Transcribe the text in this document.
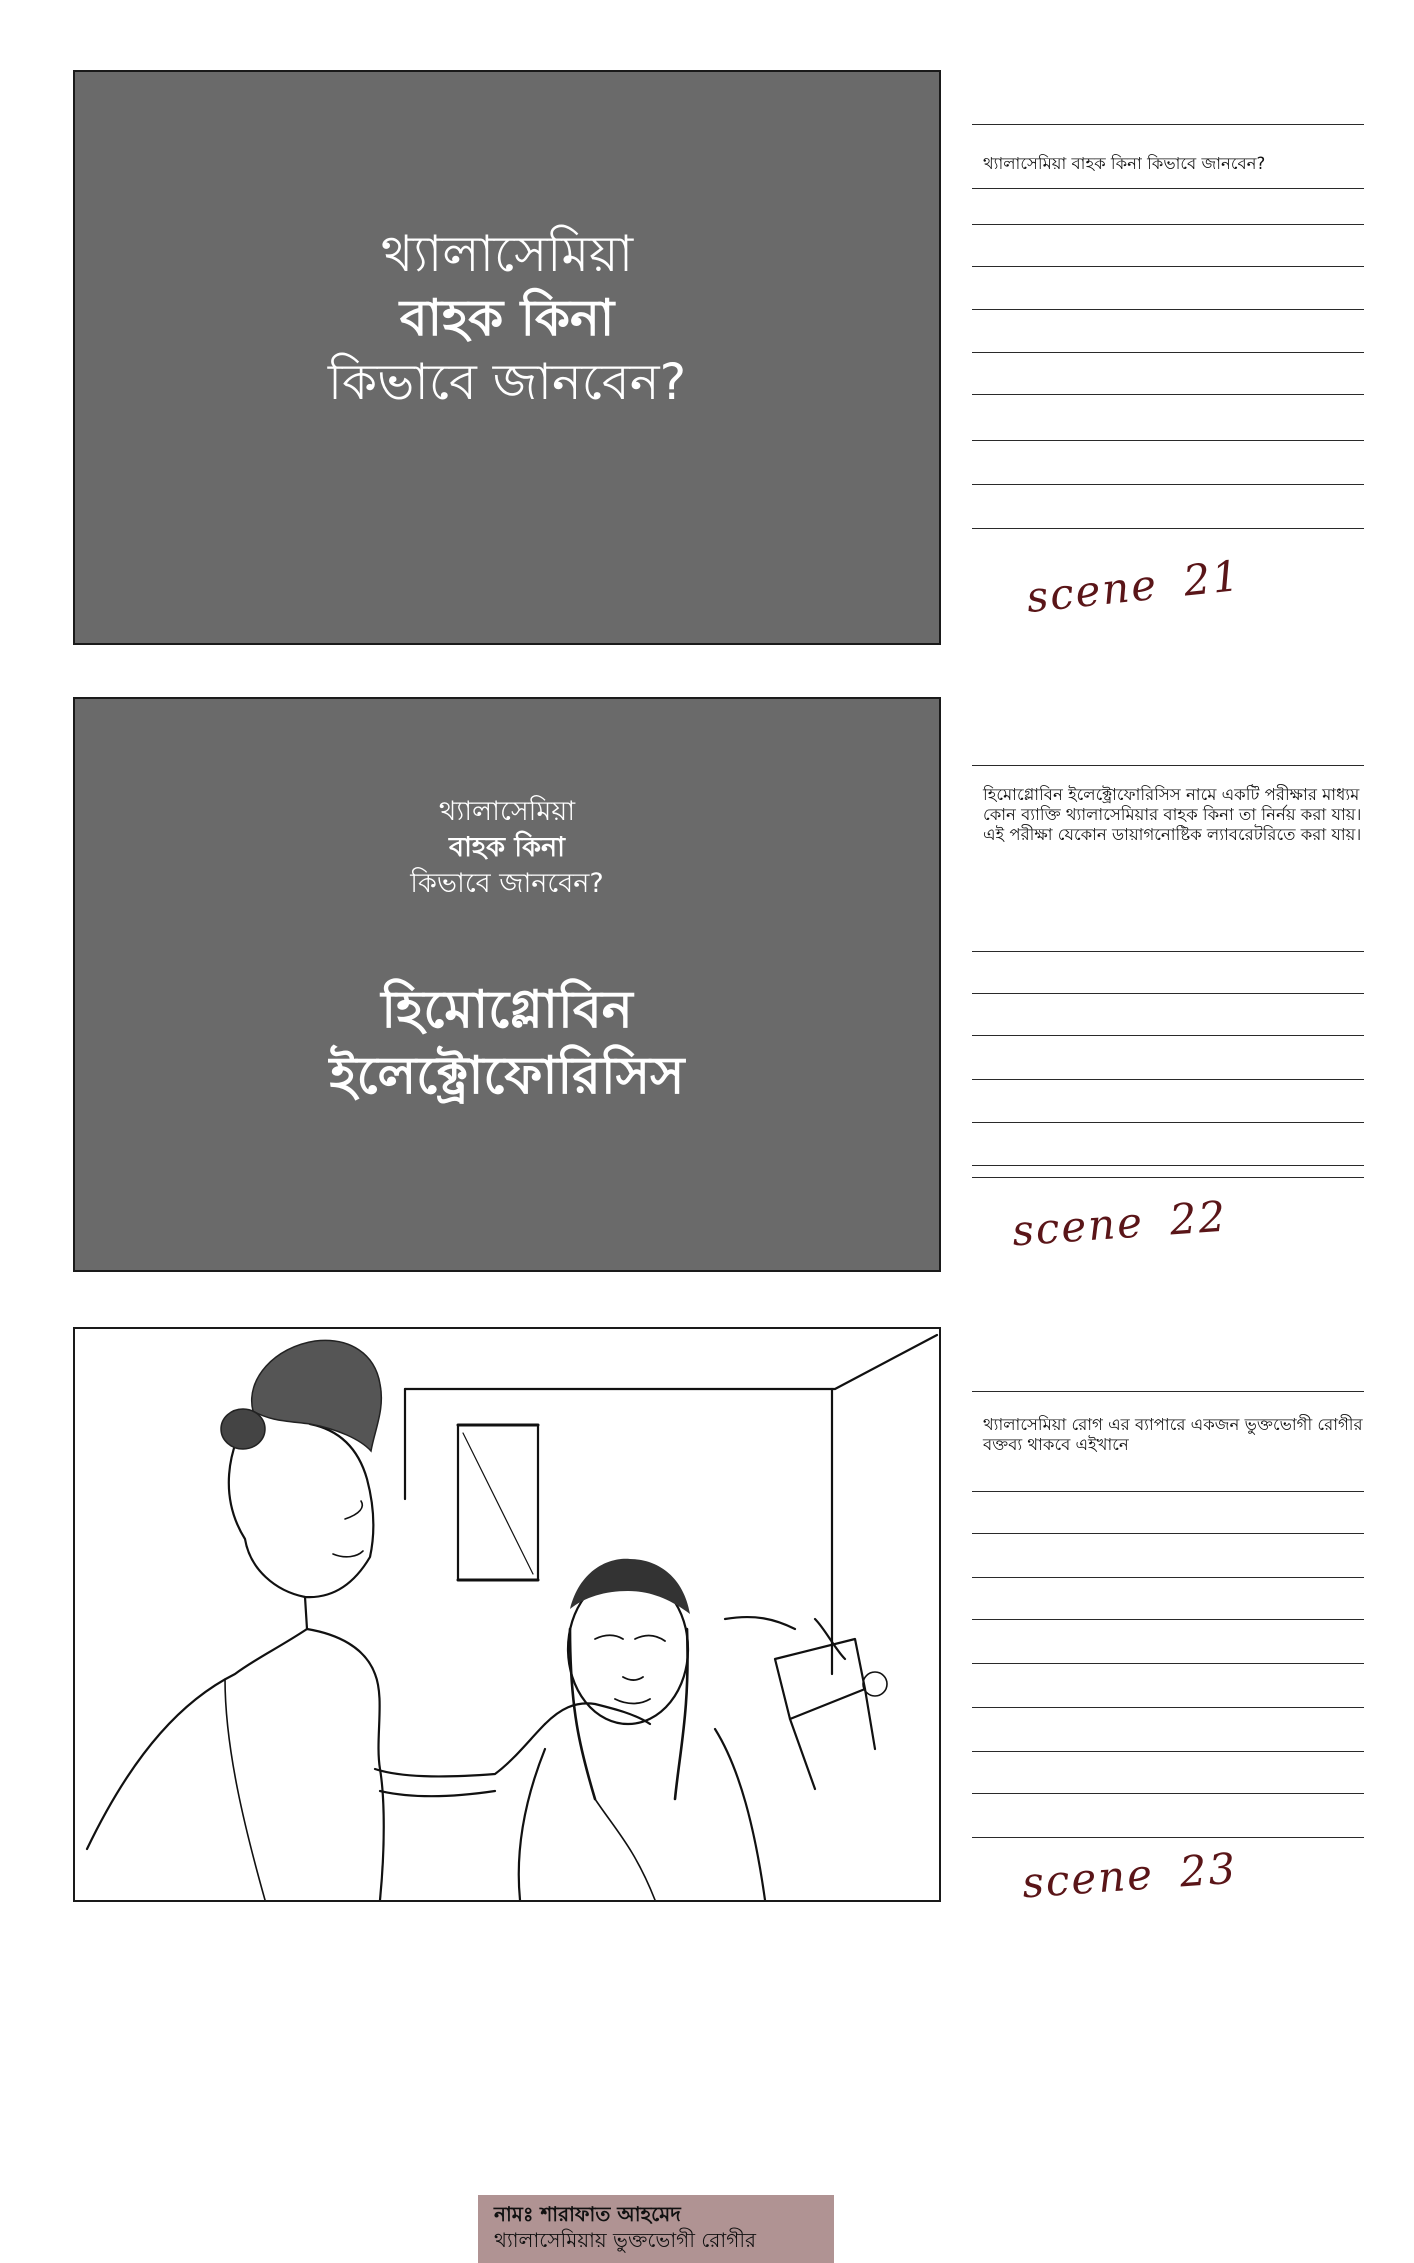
থ্যালাসেমিয়া
বাহক কিনা
কিভাবে জানবেন?
থ্যালাসেমিয়া বাহক কিনা কিভাবে জানবেন?
scene 21
থ্যালাসেমিয়া
বাহক কিনা
কিভাবে জানবেন?
হিমোগ্লোবিন
ইলেক্ট্রোফোরিসিস
হিমোগ্লোবিন ইলেক্ট্রোফোরিসিস নামে একটি পরীক্ষার মাধ্যম কোন ব্যাক্তি থ্যালাসেমিয়ার বাহক কিনা তা নির্নয় করা যায়। এই পরীক্ষা যেকোন ডায়াগনোষ্টিক ল্যাবরেটরিতে করা যায়।
scene 22
নামঃ শারাফাত আহমেদ
থ্যালাসেমিয়ায় ভুক্তভোগী রোগীর
থ্যালাসেমিয়া রোগ এর ব্যাপারে একজন ভুক্তভোগী রোগীর বক্তব্য থাকবে এইখানে
scene 23
